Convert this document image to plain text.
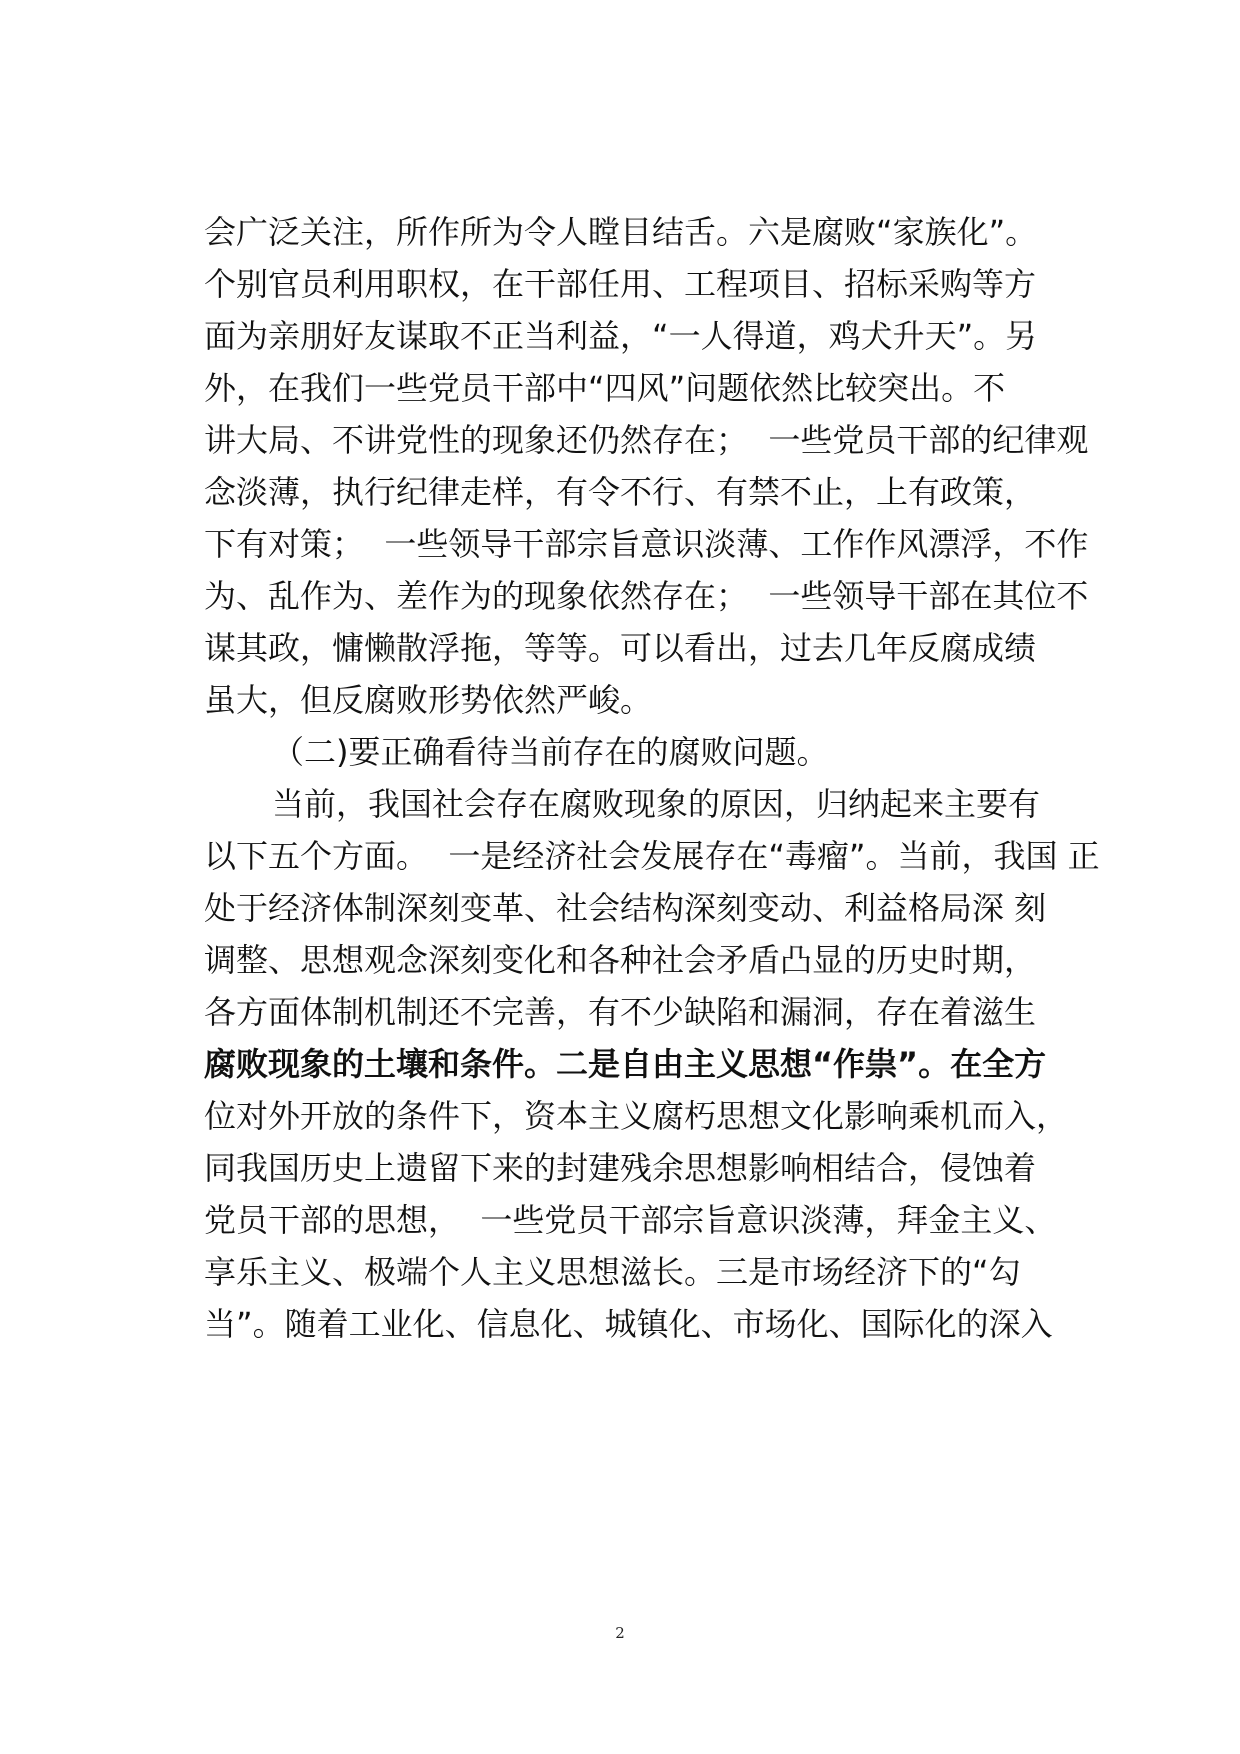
会广泛关注，所作所为令人瞠目结舌。六是腐败“家族化”。
个别官员利用职权，在干部任用、工程项目、招标采购等方
面为亲朋好友谋取不正当利益，“一人得道，鸡犬升天”。另
外，在我们一些党员干部中“四风”问题依然比较突出。不
讲大局、不讲党性的现象还仍然存在；  一些党员干部的纪律观
念淡薄，执行纪律走样，有令不行、有禁不止，上有政策，
下有对策；  一些领导干部宗旨意识淡薄、工作作风漂浮，不作
为、乱作为、差作为的现象依然存在；  一些领导干部在其位不
谋其政，慵懒散浮拖，等等。可以看出，过去几年反腐成绩
虽大，但反腐败形势依然严峻。
（二)要正确看待当前存在的腐败问题。
当前，我国社会存在腐败现象的原因，归纳起来主要有
以下五个方面。  一是经济社会发展存在“毒瘤”。当前，我国 正
处于经济体制深刻变革、社会结构深刻变动、利益格局深 刻
调整、思想观念深刻变化和各种社会矛盾凸显的历史时期，
各方面体制机制还不完善，有不少缺陷和漏洞，存在着滋生
腐败现象的土壤和条件。二是自由主义思想“作祟”。在全方
位对外开放的条件下，资本主义腐朽思想文化影响乘机而入，
同我国历史上遗留下来的封建残余思想影响相结合，侵蚀着
党员干部的思想，  一些党员干部宗旨意识淡薄，拜金主义、
享乐主义、极端个人主义思想滋长。三是市场经济下的“勾
当”。随着工业化、信息化、城镇化、市场化、国际化的深入
2
